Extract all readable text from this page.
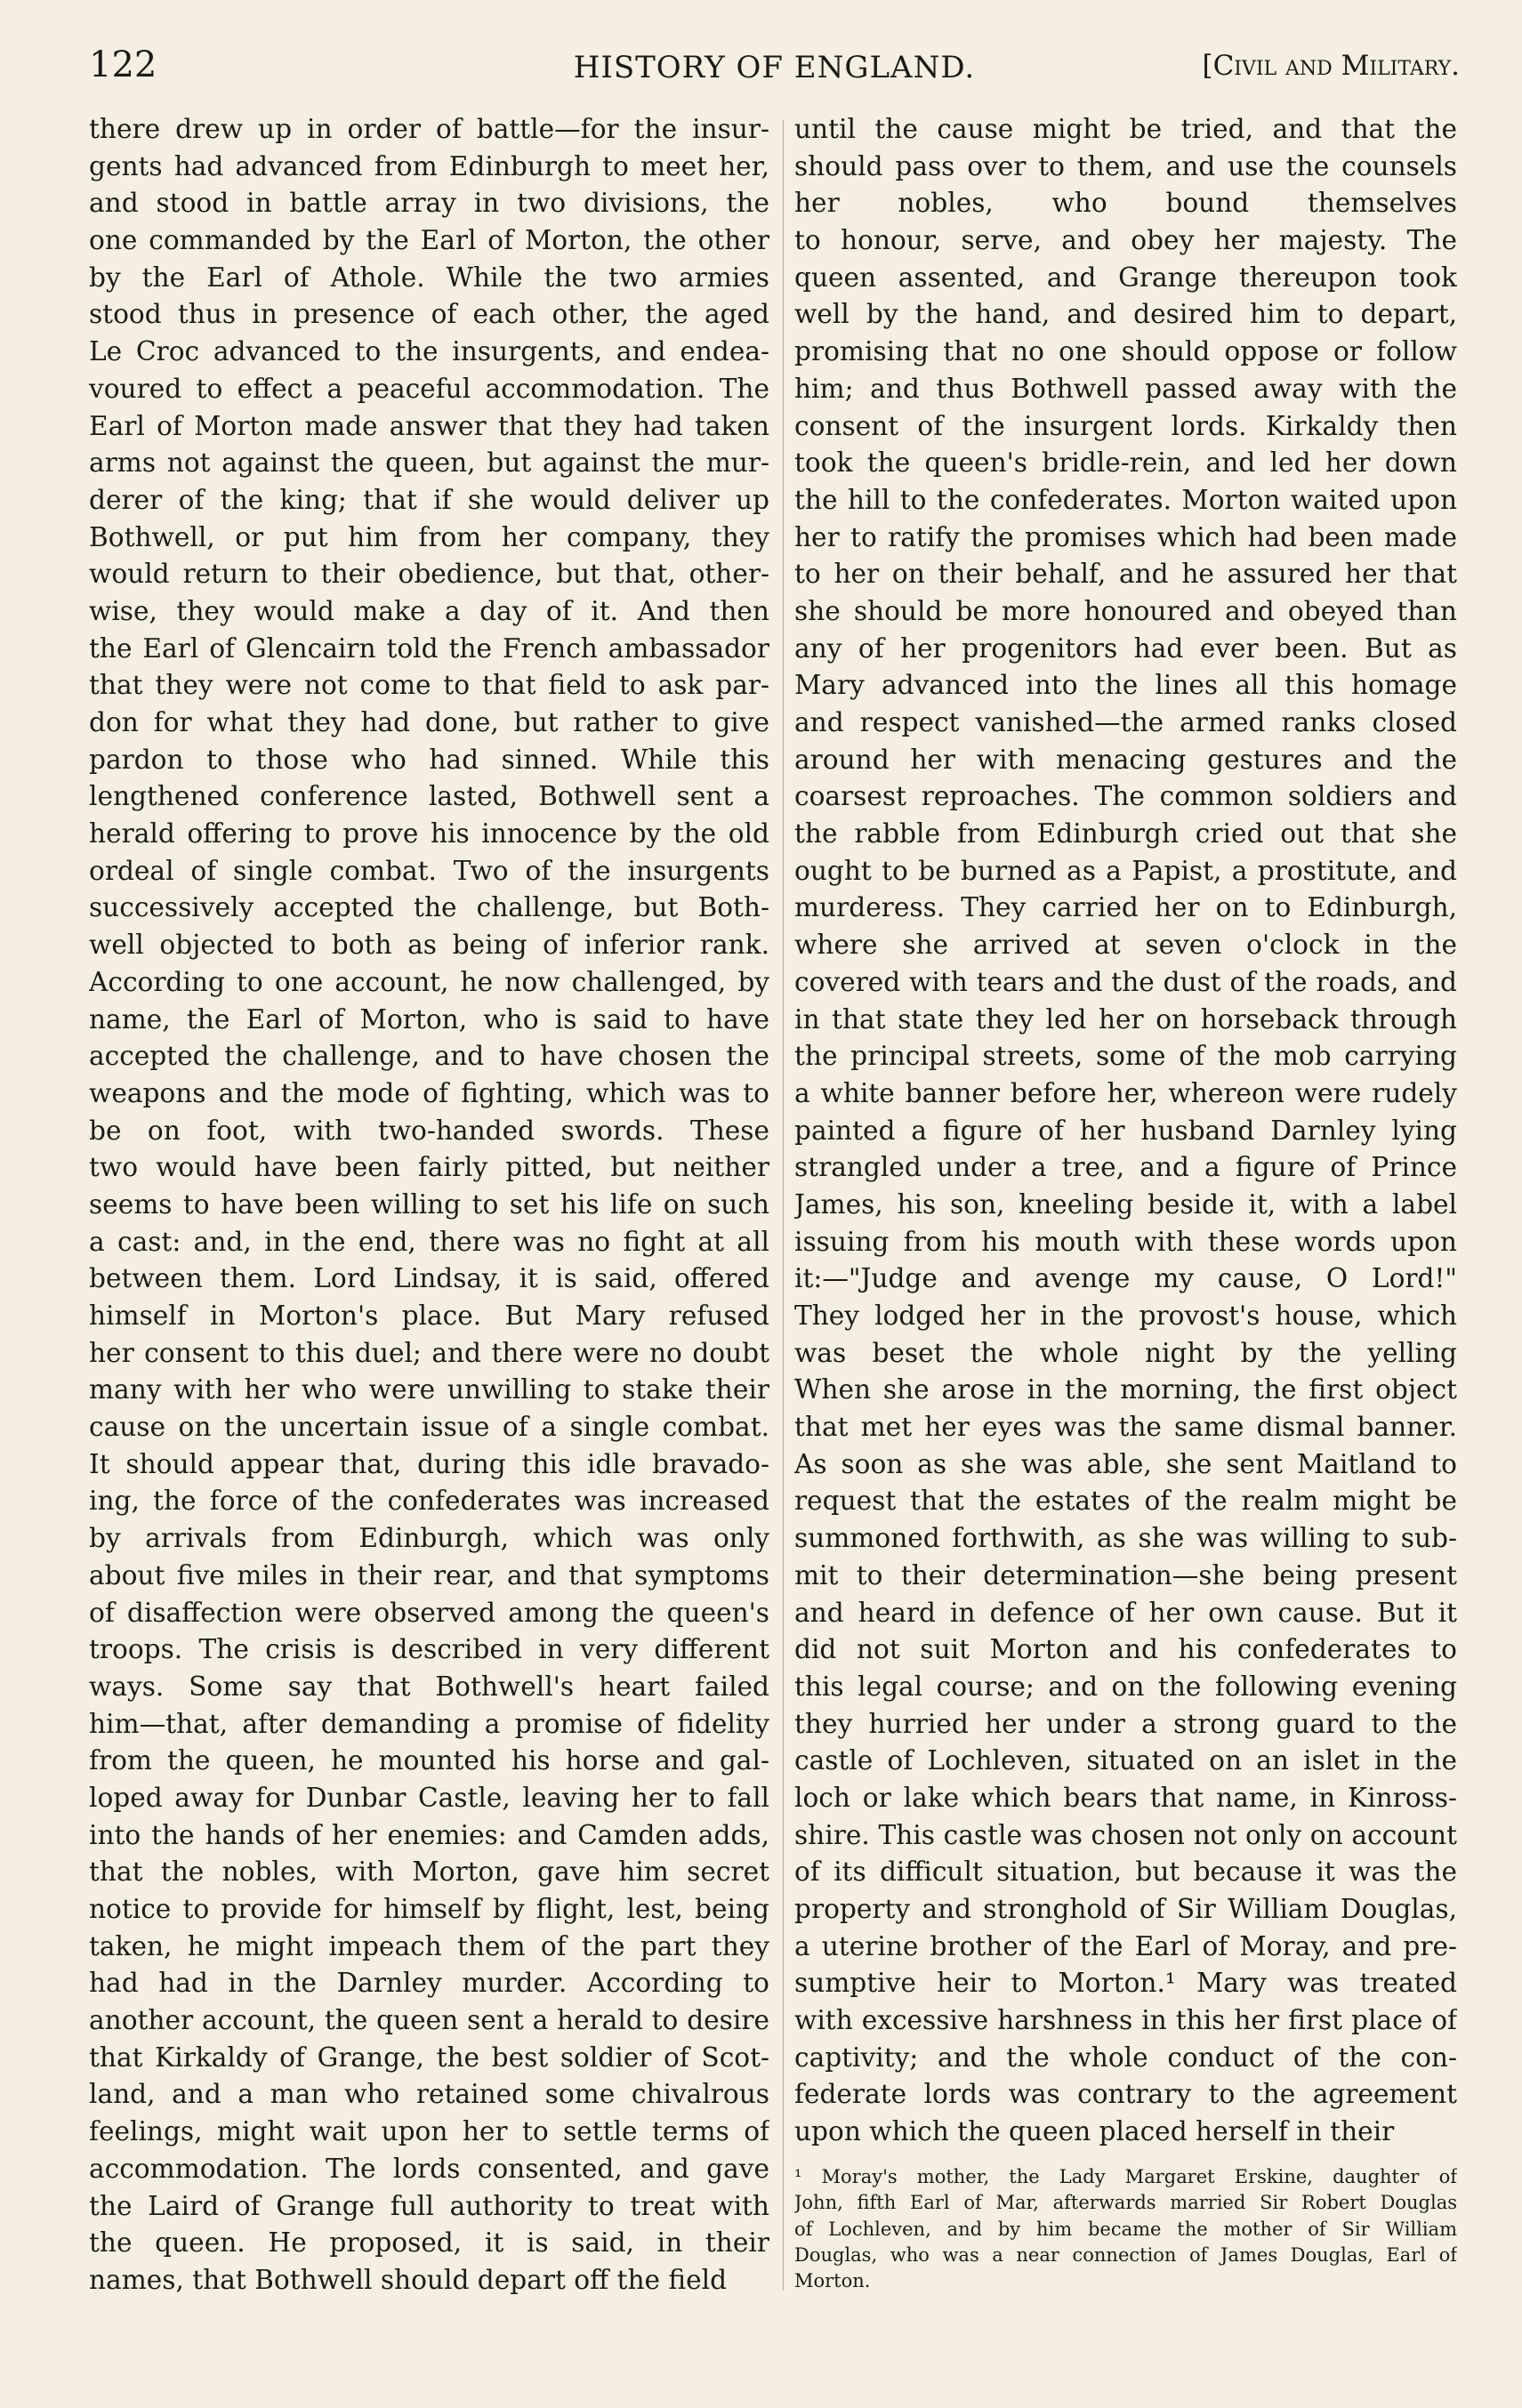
122	HISTORY OF ENGLAND.	[Civil and Military.
there drew up in order of battle—for the insur-
gents had advanced from Edinburgh to meet her,
and stood in battle array in two divisions, the
one commanded by the Earl of Morton, the other
by the Earl of Athole. While the two armies
stood thus in presence of each other, the aged
Le Croc advanced to the insurgents, and endea-
voured to effect a peaceful accommodation. The
Earl of Morton made answer that they had taken
arms not against the queen, but against the mur-
derer of the king; that if she would deliver up
Bothwell, or put him from her company, they
would return to their obedience, but that, other-
wise, they would make a day of it. And then
the Earl of Glencairn told the French ambassador
that they were not come to that field to ask par-
don for what they had done, but rather to give
pardon to those who had sinned. While this
lengthened conference lasted, Bothwell sent a
herald offering to prove his innocence by the old
ordeal of single combat. Two of the insurgents
successively accepted the challenge, but Both-
well objected to both as being of inferior rank.
According to one account, he now challenged, by
name, the Earl of Morton, who is said to have
accepted the challenge, and to have chosen the
weapons and the mode of fighting, which was to
be on foot, with two-handed swords. These
two would have been fairly pitted, but neither
seems to have been willing to set his life on such
a cast: and, in the end, there was no fight at all
between them. Lord Lindsay, it is said, offered
himself in Morton's place. But Mary refused
her consent to this duel; and there were no doubt
many with her who were unwilling to stake their
cause on the uncertain issue of a single combat.
It should appear that, during this idle bravado-
ing, the force of the confederates was increased
by arrivals from Edinburgh, which was only
about five miles in their rear, and that symptoms
of disaffection were observed among the queen's
troops. The crisis is described in very different
ways. Some say that Bothwell's heart failed
him—that, after demanding a promise of fidelity
from the queen, he mounted his horse and gal-
loped away for Dunbar Castle, leaving her to fall
into the hands of her enemies: and Camden adds,
that the nobles, with Morton, gave him secret
notice to provide for himself by flight, lest, being
taken, he might impeach them of the part they
had had in the Darnley murder. According to
another account, the queen sent a herald to desire
that Kirkaldy of Grange, the best soldier of Scot-
land, and a man who retained some chivalrous
feelings, might wait upon her to settle terms of
accommodation. The lords consented, and gave
the Laird of Grange full authority to treat with
the queen. He proposed, it is said, in their
names, that Bothwell should depart off the field
until the cause might be tried, and that the
should pass over to them, and use the counsels
her nobles, who bound themselves
to honour, serve, and obey her majesty. The
queen assented, and Grange thereupon took
well by the hand, and desired him to depart,
promising that no one should oppose or follow
him; and thus Bothwell passed away with the
consent of the insurgent lords. Kirkaldy then
took the queen's bridle-rein, and led her down
the hill to the confederates. Morton waited upon
her to ratify the promises which had been made
to her on their behalf, and he assured her that
she should be more honoured and obeyed than
any of her progenitors had ever been. But as
Mary advanced into the lines all this homage
and respect vanished—the armed ranks closed
around her with menacing gestures and the
coarsest reproaches. The common soldiers and
the rabble from Edinburgh cried out that she
ought to be burned as a Papist, a prostitute, and
murderess. They carried her on to Edinburgh,
where she arrived at seven o'clock in the
covered with tears and the dust of the roads, and
in that state they led her on horseback through
the principal streets, some of the mob carrying
a white banner before her, whereon were rudely
painted a figure of her husband Darnley lying
strangled under a tree, and a figure of Prince
James, his son, kneeling beside it, with a label
issuing from his mouth with these words upon
it:—"Judge and avenge my cause, O Lord!"
They lodged her in the provost's house, which
was beset the whole night by the yelling
When she arose in the morning, the first object
that met her eyes was the same dismal banner.
As soon as she was able, she sent Maitland to
request that the estates of the realm might be
summoned forthwith, as she was willing to sub-
mit to their determination—she being present
and heard in defence of her own cause. But it
did not suit Morton and his confederates to
this legal course; and on the following evening
they hurried her under a strong guard to the
castle of Lochleven, situated on an islet in the
loch or lake which bears that name, in Kinross-
shire. This castle was chosen not only on account
of its difficult situation, but because it was the
property and stronghold of Sir William Douglas,
a uterine brother of the Earl of Moray, and pre-
sumptive heir to Morton.¹ Mary was treated
with excessive harshness in this her first place of
captivity; and the whole conduct of the con-
federate lords was contrary to the agreement
upon which the queen placed herself in their
¹ Moray's mother, the Lady Margaret Erskine, daughter of
John, fifth Earl of Mar, afterwards married Sir Robert Douglas
of Lochleven, and by him became the mother of Sir William
Douglas, who was a near connection of James Douglas, Earl of
Morton.
